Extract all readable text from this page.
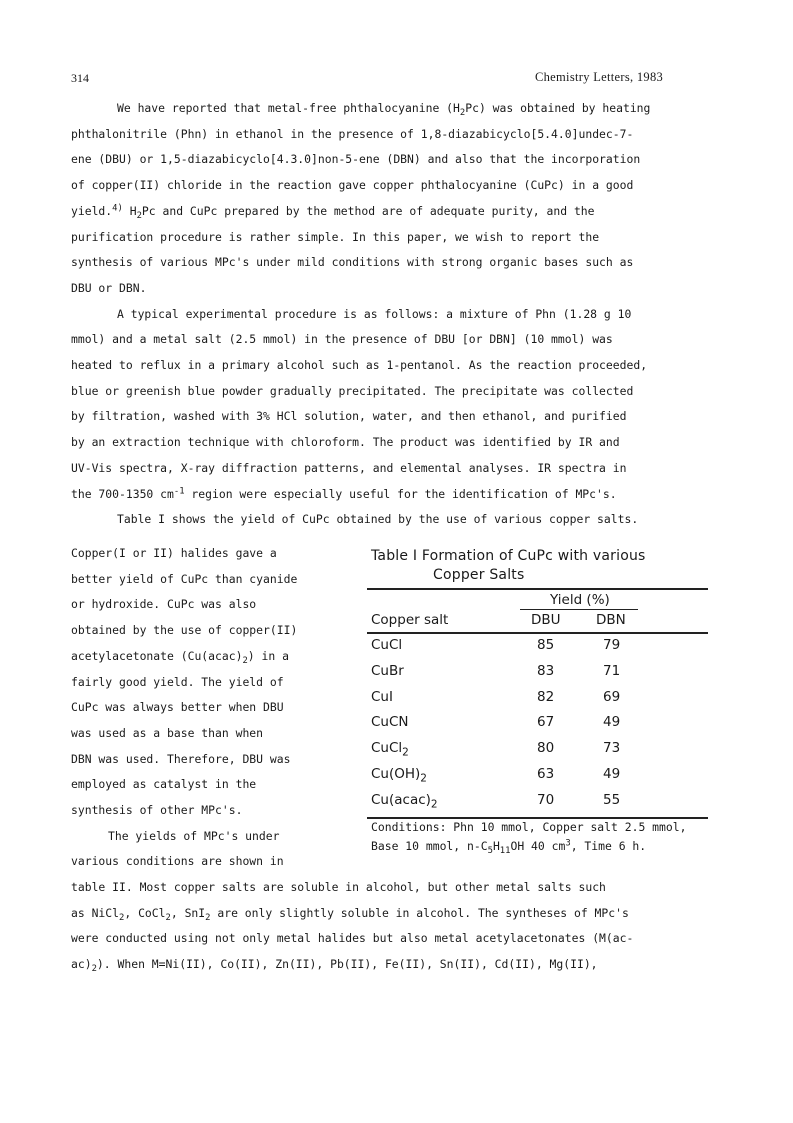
314	Chemistry Letters, 1983
We have reported that metal-free phthalocyanine $(H_2Pc)$ was obtained by heating
phthalonitrile (Phn) in ethanol in the presence of 1,8-diazabicyclo[5.4.0]undec-7-
ene (DBU) or 1,5-diazabicyclo[4.3.0]non-5-ene (DBN) and also that the incorporation
of copper(II) chloride in the reaction gave copper phthalocyanine (CuPc) in a good
yield.$^{4)}$ $H_2Pc$ and CuPc prepared by the method are of adequate purity, and the
purification procedure is rather simple. In this paper, we wish to report the
synthesis of various MPc's under mild conditions with strong organic bases such as
DBU or DBN.
A typical experimental procedure is as follows: a mixture of Phn (1.28 g 10
mmol) and a metal salt (2.5 mmol) in the presence of DBU [or DBN] (10 mmol) was
heated to reflux in a primary alcohol such as 1-pentanol. As the reaction proceeded,
blue or greenish blue powder gradually precipitated. The precipitate was collected
by filtration, washed with 3% HCl solution, water, and then ethanol, and purified
by an extraction technique with chloroform. The product was identified by IR and
UV-Vis spectra, X-ray diffraction patterns, and elemental analyses. IR spectra in
the 700-1350 $cm^{-1}$ region were especially useful for the identification of MPc's.
Table I shows the yield of CuPc obtained by the use of various copper salts.
Copper(I or II) halides gave a
better yield of CuPc than cyanide
or hydroxide. CuPc was also
obtained by the use of copper(II)
acetylacetonate $(Cu(acac)_2)$ in a
fairly good yield. The yield of
CuPc was always better when DBU
was used as a base than when
DBN was used. Therefore, DBU was
employed as catalyst in the
synthesis of other MPc's.
The yields of MPc's under
various conditions are shown in
table II. Most copper salts are soluble in alcohol, but other metal salts such
as NiCl$_2$, CoCl$_2$, SnI$_2$ are only slightly soluble in alcohol. The syntheses of MPc's
were conducted using not only metal halides but also metal acetylacetonates (M(ac-
$ac)_2$). When M=Ni(II), Co(II), Zn(II), Pb(II), Fe(II), Sn(II), Cd(II), Mg(II),
Table I Formation of CuPc with various
Copper Salts
Yield (%)
Copper salt	DBU	DBN
CuCl	85	79
CuBr	83	71
CuI	82	69
CuCN	67	49
CuCl$_2$	80	73
$Cu(OH)_2$	63	49
$Cu(acac)_2$	70	55
Conditions: Phn 10 mmol, Copper salt 2.5 mmol,
Base 10 mmol, $n-C_5H_{11}OH$ 40 $cm^3$, Time 6 h.
